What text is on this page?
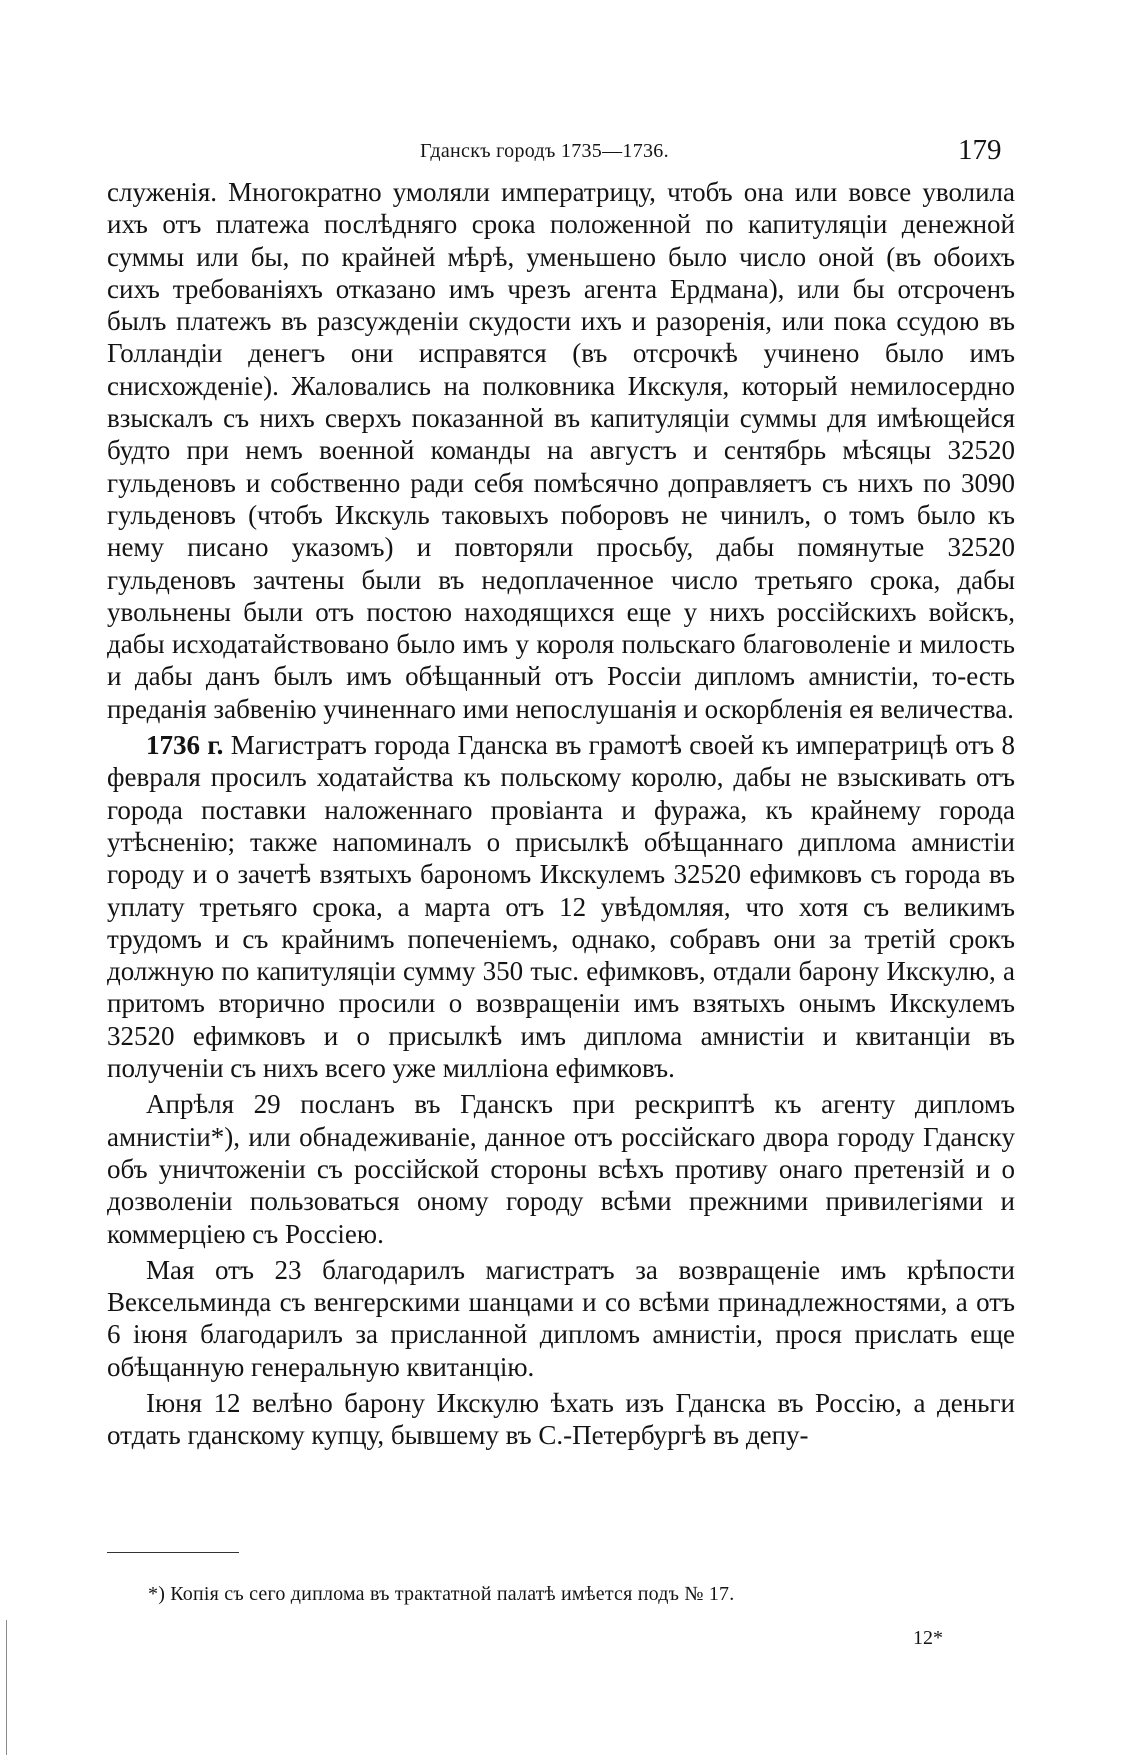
Гданскъ городъ 1735—1736.	179

служенія. Многократно умоляли императрицу, чтобъ она или вовсе уволила ихъ отъ платежа послѣдняго срока положенной по капитуляціи денежной суммы или бы, по крайней мѣрѣ, уменьшено было число оной (въ обоихъ сихъ требованіяхъ отказано имъ чрезъ агента Ердмана), или бы отсроченъ былъ платежъ въ разсужденіи скудости ихъ и разоренія, или пока ссудою въ Голландіи денегъ они исправятся (въ отсрочкѣ учинено было имъ снисхожденіе). Жаловались на полковника Икскуля, который немилосердно взыскалъ съ нихъ сверхъ показанной въ капитуляціи суммы для имѣющейся будто при немъ военной команды на августъ и сентябрь мѣсяцы 32520 гульденовъ и собственно ради себя помѣсячно доправляетъ съ нихъ по 3090 гульденовъ (чтобъ Икскуль таковыхъ поборовъ не чинилъ, о томъ было къ нему писано указомъ) и повторяли просьбу, дабы помянутые 32520 гульденовъ зачтены были въ недоплаченное число третьяго срока, дабы увольнены были отъ постою находящихся еще у нихъ россійскихъ войскъ, дабы исходатайствовано было имъ у короля польскаго благоволеніе и милость и дабы данъ былъ имъ обѣщанный отъ Россіи дипломъ амнистіи, то-есть преданія забвенію учиненнаго ими непослушанія и оскорбленія ея величества.

1736 г. Магистратъ города Гданска въ грамотѣ своей къ императрицѣ отъ 8 февраля просилъ ходатайства къ польскому королю, дабы не взыскивать отъ города поставки наложеннаго провіанта и фуража, къ крайнему города утѣсненію; также напоминалъ о присылкѣ обѣщаннаго диплома амнистіи городу и о зачетѣ взятыхъ барономъ Икскулемъ 32520 ефимковъ съ города въ уплату третьяго срока, а марта отъ 12 увѣдомляя, что хотя съ великимъ трудомъ и съ крайнимъ попеченіемъ, однако, собравъ они за третій срокъ должную по капитуляціи сумму 350 тыс. ефимковъ, отдали барону Икскулю, а притомъ вторично просили о возвращеніи имъ взятыхъ онымъ Икскулемъ 32520 ефимковъ и о присылкѣ имъ диплома амнистіи и квитанціи въ полученіи съ нихъ всего уже милліона ефимковъ.

Апрѣля 29 посланъ въ Гданскъ при рескриптѣ къ агенту дипломъ амнистіи*), или обнадеживаніе, данное отъ россійскаго двора городу Гданску объ уничтоженіи съ россійской стороны всѣхъ противу онаго претензій и о дозволеніи пользоваться оному городу всѣми прежними привилегіями и коммерціею съ Россіею.

Мая отъ 23 благодарилъ магистратъ за возвращеніе имъ крѣпости Вексельминда съ венгерскими шанцами и со всѣми принадлежностями, а отъ 6 іюня благодарилъ за присланной дипломъ амнистіи, прося прислать еще обѣщанную генеральную квитанцію.

Іюня 12 велѣно барону Икскулю ѣхать изъ Гданска въ Россію, а деньги отдать гданскому купцу, бывшему въ С.-Петербургѣ въ депу-

*) Копія съ сего диплома въ трактатной палатѣ имѣется подъ № 17.
12*
